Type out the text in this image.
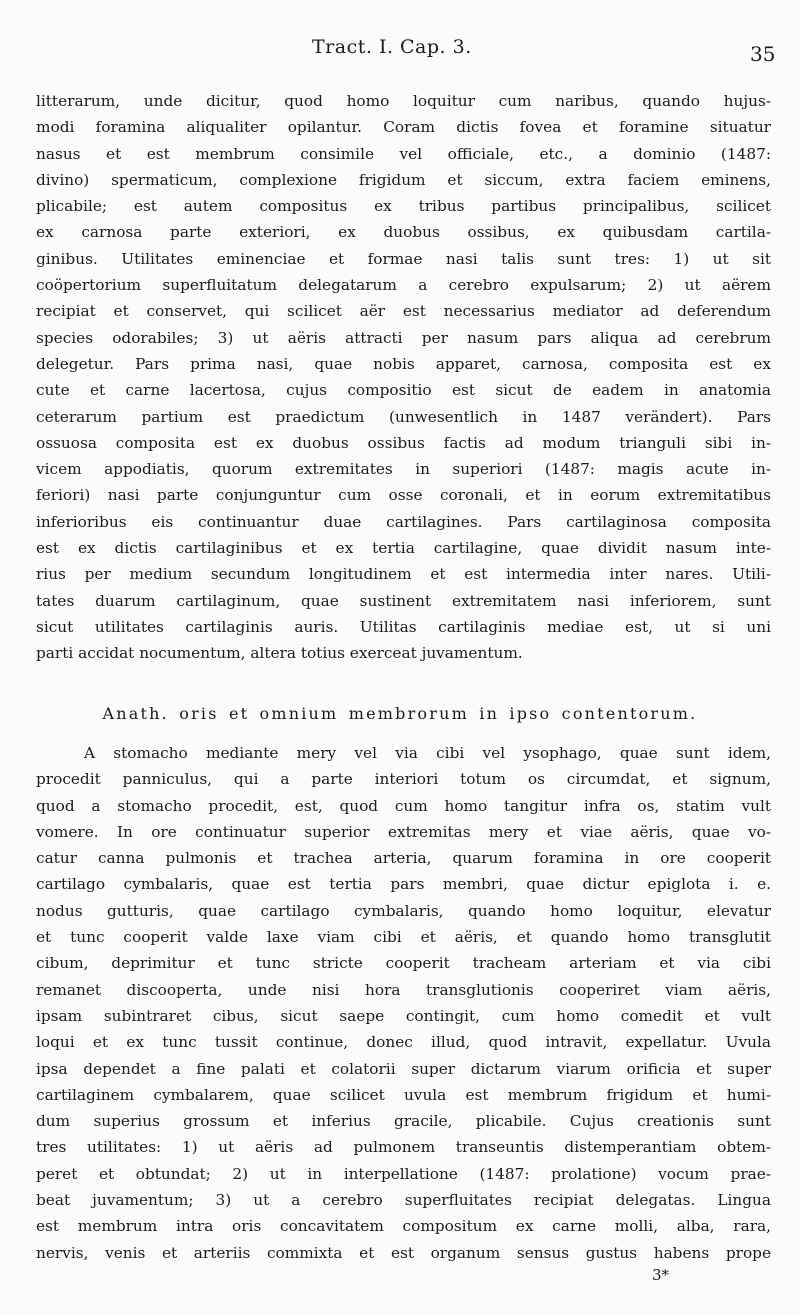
Tract. I. Cap. 3.	35
litterarum, unde dicitur, quod homo loquitur cum naribus, quando hujus-
modi foramina aliqualiter opilantur. Coram dictis fovea et foramine situatur
nasus et est membrum consimile vel officiale, etc., a dominio (1487:
divino) spermaticum, complexione frigidum et siccum, extra faciem eminens,
plicabile; est autem compositus ex tribus partibus principalibus, scilicet
ex carnosa parte exteriori, ex duobus ossibus, ex quibusdam cartila-
ginibus. Utilitates eminenciae et formae nasi talis sunt tres: 1) ut sit
coöpertorium superfluitatum delegatarum a cerebro expulsarum; 2) ut aërem
recipiat et conservet, qui scilicet aër est necessarius mediator ad deferendum
species odorabiles; 3) ut aëris attracti per nasum pars aliqua ad cerebrum
delegetur. Pars prima nasi, quae nobis apparet, carnosa, composita est ex
cute et carne lacertosa, cujus compositio est sicut de eadem in anatomia
ceterarum partium est praedictum (unwesentlich in 1487 verändert). Pars
ossuosa composita est ex duobus ossibus factis ad modum trianguli sibi in-
vicem appodiatis, quorum extremitates in superiori (1487: magis acute in-
feriori) nasi parte conjunguntur cum osse coronali, et in eorum extremitatibus
inferioribus eis continuantur duae cartilagines. Pars cartilaginosa composita
est ex dictis cartilaginibus et ex tertia cartilagine, quae dividit nasum inte-
rius per medium secundum longitudinem et est intermedia inter nares. Utili-
tates duarum cartilaginum, quae sustinent extremitatem nasi inferiorem, sunt
sicut utilitates cartilaginis auris. Utilitas cartilaginis mediae est, ut si uni
parti accidat nocumentum, altera totius exerceat juvamentum.
Anath. oris et omnium membrorum in ipso contentorum.
A stomacho mediante mery vel via cibi vel ysophago, quae sunt idem,
procedit panniculus, qui a parte interiori totum os circumdat, et signum,
quod a stomacho procedit, est, quod cum homo tangitur infra os, statim vult
vomere. In ore continuatur superior extremitas mery et viae aëris, quae vo-
catur canna pulmonis et trachea arteria, quarum foramina in ore cooperit
cartilago cymbalaris, quae est tertia pars membri, quae dictur epiglota i. e.
nodus gutturis, quae cartilago cymbalaris, quando homo loquitur, elevatur
et tunc cooperit valde laxe viam cibi et aëris, et quando homo transglutit
cibum, deprimitur et tunc stricte cooperit tracheam arteriam et via cibi
remanet discooperta, unde nisi hora transglutionis cooperiret viam aëris,
ipsam subintraret cibus, sicut saepe contingit, cum homo comedit et vult
loqui et ex tunc tussit continue, donec illud, quod intravit, expellatur. Uvula
ipsa dependet a fine palati et colatorii super dictarum viarum orificia et super
cartilaginem cymbalarem, quae scilicet uvula est membrum frigidum et humi-
dum superius grossum et inferius gracile, plicabile. Cujus creationis sunt
tres utilitates: 1) ut aëris ad pulmonem transeuntis distemperantiam obtem-
peret et obtundat; 2) ut in interpellatione (1487: prolatione) vocum prae-
beat juvamentum; 3) ut a cerebro superfluitates recipiat delegatas. Lingua
est membrum intra oris concavitatem compositum ex carne molli, alba, rara,
nervis, venis et arteriis commixta et est organum sensus gustus habens prope
3*
